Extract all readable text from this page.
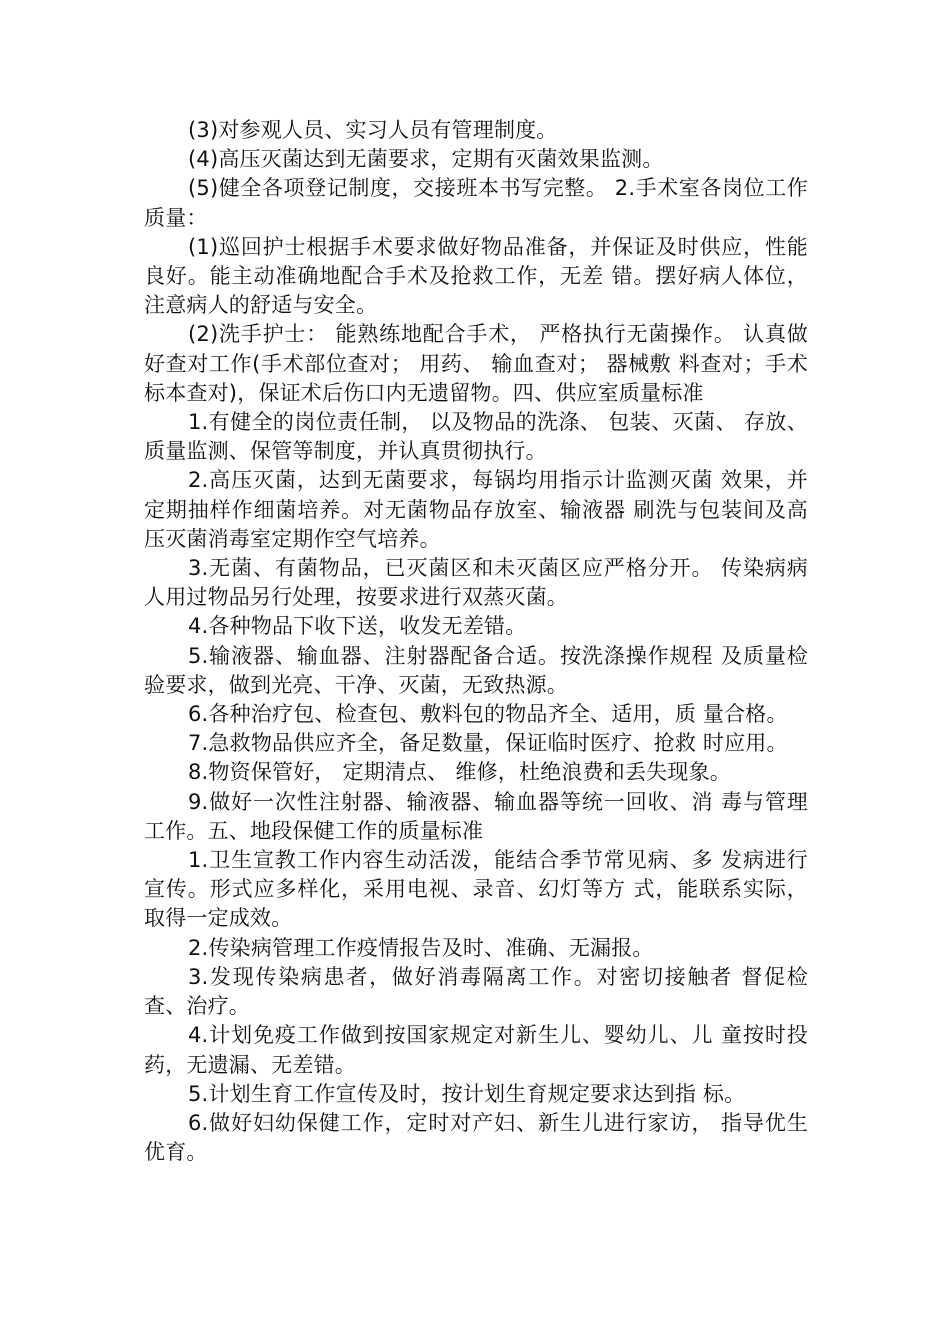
(3)对参观人员、实习人员有管理制度。

(4)高压灭菌达到无菌要求，定期有灭菌效果监测。

(5)健全各项登记制度，交接班本书写完整。 2.手术室各岗位工作质量：

(1)巡回护士根据手术要求做好物品准备，并保证及时供应，性能良好。能主动准确地配合手术及抢救工作，无差 错。摆好病人体位，注意病人的舒适与安全。

(2)洗手护士： 能熟练地配合手术， 严格执行无菌操作。 认真做好查对工作(手术部位查对； 用药、 输血查对； 器械敷 料查对；手术标本查对)，保证术后伤口内无遗留物。四、供应室质量标准

1.有健全的岗位责任制， 以及物品的洗涤、 包装、灭菌、 存放、质量监测、保管等制度，并认真贯彻执行。

2.高压灭菌，达到无菌要求，每锅均用指示计监测灭菌 效果，并定期抽样作细菌培养。对无菌物品存放室、输液器 刷洗与包装间及高压灭菌消毒室定期作空气培养。

3.无菌、有菌物品，已灭菌区和未灭菌区应严格分开。 传染病病人用过物品另行处理，按要求进行双蒸灭菌。

4.各种物品下收下送，收发无差错。

5.输液器、输血器、注射器配备合适。按洗涤操作规程 及质量检验要求，做到光亮、干净、灭菌，无致热源。

6.各种治疗包、检查包、敷料包的物品齐全、适用，质 量合格。

7.急救物品供应齐全，备足数量，保证临时医疗、抢救 时应用。

8.物资保管好， 定期清点、 维修，杜绝浪费和丢失现象。

9.做好一次性注射器、输液器、输血器等统一回收、消 毒与管理工作。五、地段保健工作的质量标准

1.卫生宣教工作内容生动活泼，能结合季节常见病、多 发病进行宣传。形式应多样化，采用电视、录音、幻灯等方 式，能联系实际，取得一定成效。

2.传染病管理工作疫情报告及时、准确、无漏报。

3.发现传染病患者，做好消毒隔离工作。对密切接触者 督促检查、治疗。

4.计划免疫工作做到按国家规定对新生儿、婴幼儿、儿 童按时投药，无遗漏、无差错。

5.计划生育工作宣传及时，按计划生育规定要求达到指 标。

6.做好妇幼保健工作，定时对产妇、新生儿进行家访， 指导优生优育。
